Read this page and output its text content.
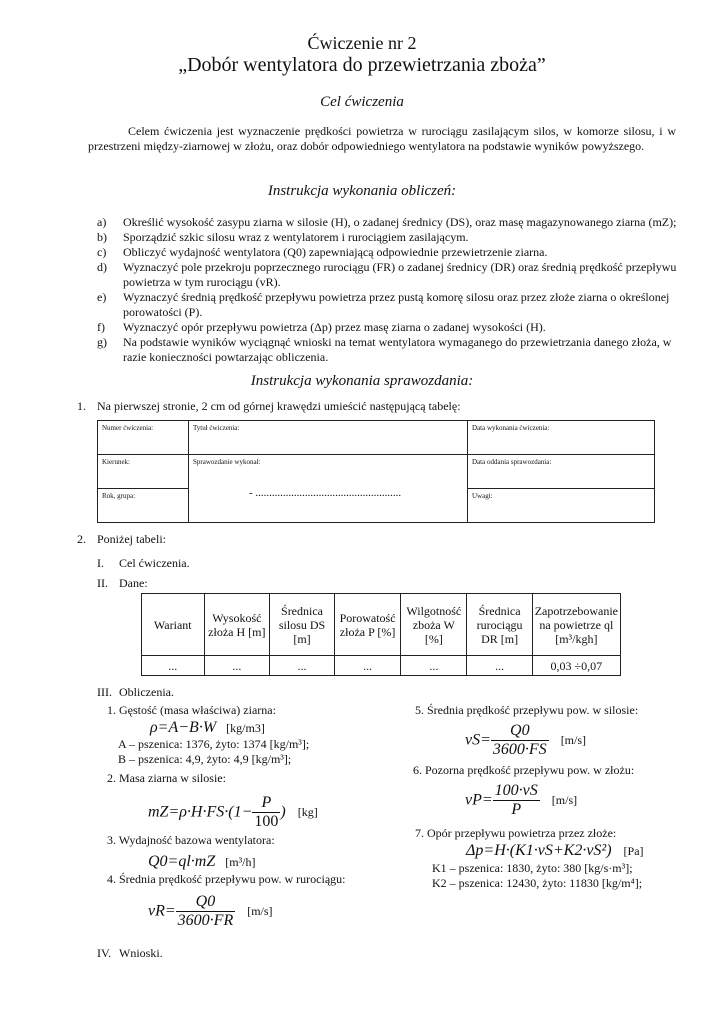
Ćwiczenie nr 2
„Dobór wentylatora do przewietrzania zboża”
Cel ćwiczenia
Celem ćwiczenia jest wyznaczenie prędkości powietrza w rurociągu zasilającym silos, w komorze silosu, i w przestrzeni między-ziarnowej w złożu, oraz dobór odpowiedniego wentylatora na podstawie wyników powyższego.
Instrukcja wykonania obliczeń:
a) Określić wysokość zasypu ziarna w silosie (H), o zadanej średnicy (DS), oraz masę magazynowanego ziarna (mZ);
b) Sporządzić szkic silosu wraz z wentylatorem i rurociągiem zasilającym.
c) Obliczyć wydajność wentylatora (Q0) zapewniającą odpowiednie przewietrzenie ziarna.
d) Wyznaczyć pole przekroju poprzecznego rurociągu (FR) o zadanej średnicy (DR) oraz średnią prędkość przepływu powietrza w tym rurociągu (vR).
e) Wyznaczyć średnią prędkość przepływu powietrza przez pustą komorę silosu oraz przez złoże ziarna o określonej porowatości (P).
f) Wyznaczyć opór przepływu powietrza (Δp) przez masę ziarna o zadanej wysokości (H).
g) Na podstawie wyników wyciągnąć wnioski na temat wentylatora wymaganego do przewietrzania danego złoża, w razie konieczności powtarzając obliczenia.
Instrukcja wykonania sprawozdania:
1. Na pierwszej stronie, 2 cm od górnej krawędzi umieścić następującą tabelę:
Numer ćwiczenia:	Tytuł ćwiczenia:	Data wykonania ćwiczenia:
Kierunek:	Sprawozdanie wykonał:
- .....................................................	Data oddania sprawozdania:
Rok, grupa:		Uwagi:
2. Poniżej tabeli:
I. Cel ćwiczenia.
II. Dane:
Wariant	Wysokość złoża H [m]	Średnica silosu DS [m]	Porowatość złoża P [%]	Wilgotność zboża W [%]	Średnica rurociągu DR [m]	Zapotrzebowanie na powietrze ql [m³/kgh]
...	...	...	...	...	...	0,03 ÷0,07
III. Obliczenia.
1. Gęstość (masa właściwa) ziarna:
ρ=A−B·W [kg/m3]
A – pszenica: 1376, żyto: 1374 [kg/m³];
B – pszenica: 4,9, żyto: 4,9 [kg/m³];
2. Masa ziarna w silosie:
$mZ=\rho\cdot H\cdot FS\cdot(1- \frac{P}{100}$ ) [kg]
3. Wydajność bazowa wentylatora:
Q0=ql·mZ [m³/h]
4. Średnia prędkość przepływu pow. w rurociągu:
$vR= \frac{Q0}{3600\cdot FR} [m/s]$
IV. Wnioski.
5. Średnia prędkość przepływu pow. w silosie:
$vS= \frac{Q0}{3600\cdot FS} [m/s]$
6. Pozorna prędkość przepływu pow. w złożu:
$vP= \frac{100\cdot vS}{P} [m/s]$
7. Opór przepływu powietrza przez złoże:
Δp=H·(K1·vS+K2·vS²) [Pa]
K1 – pszenica: 1830, żyto: 380 [kg/s·m³];
K2 – pszenica: 12430, żyto: 11830 [kg/m⁴];
